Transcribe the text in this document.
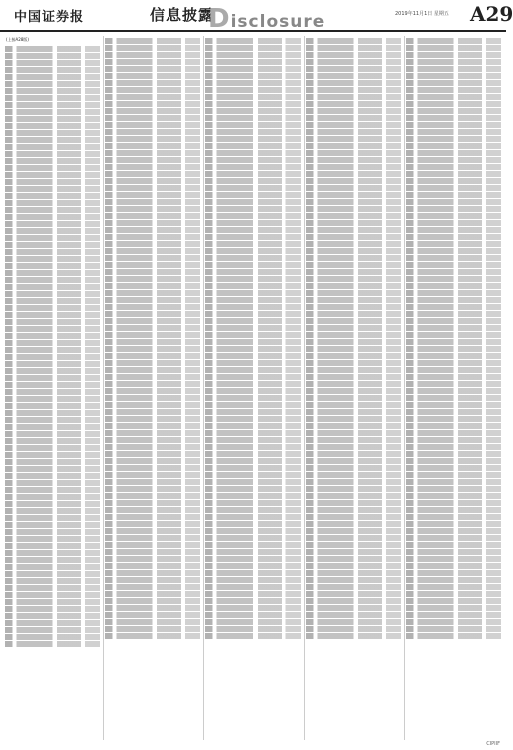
中国证券报	信息披露
Disclosure	2019年11月1日 星期五 A29
(上接A28版)
CIPIIF
